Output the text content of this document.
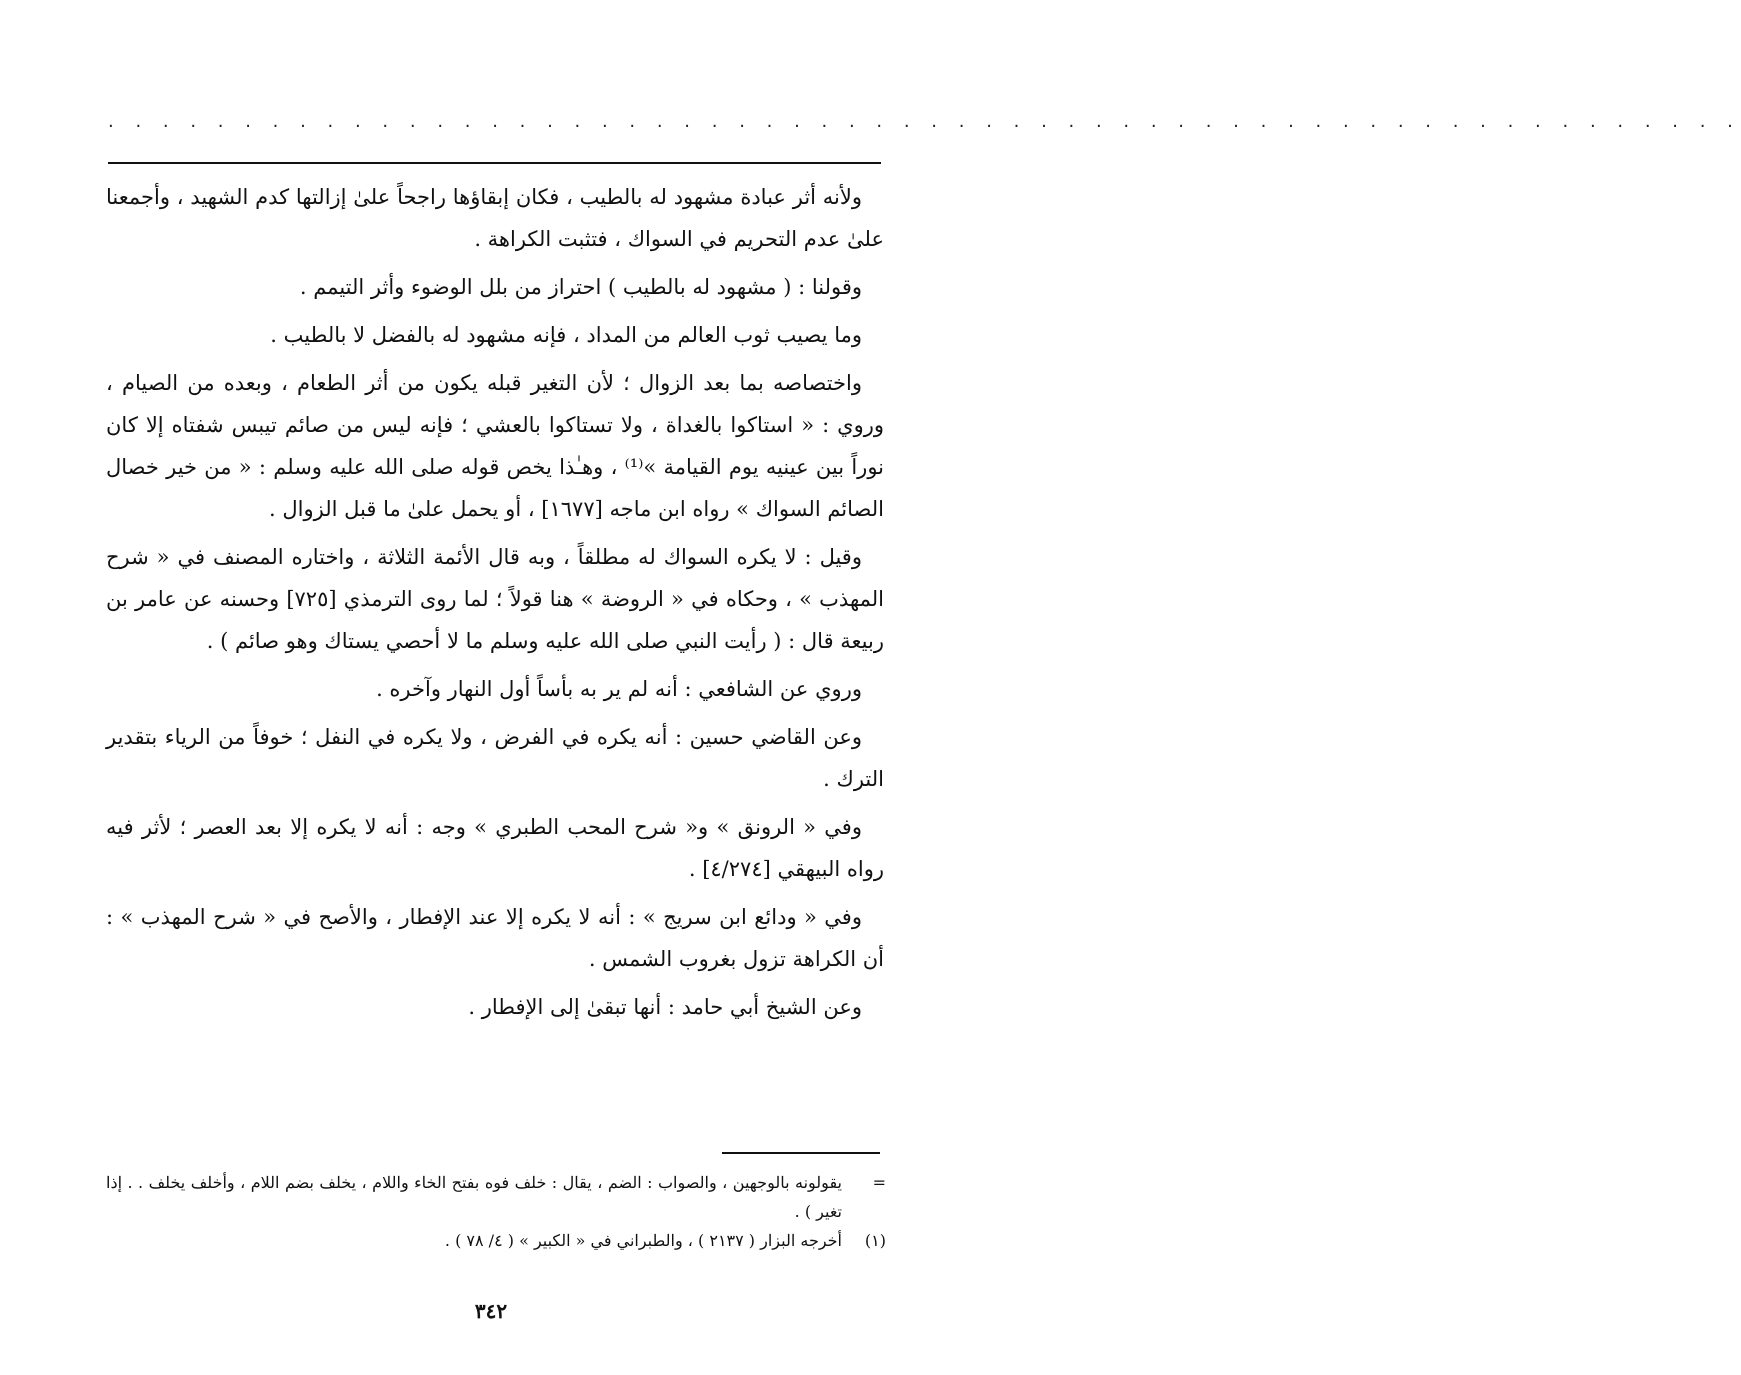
. . . . . . . . . . . . . . . . . . . . . . . . . . . . . . . . . . . . . . . . . . . . . . . . . . . . . . . . . . . .

ولأنه أثر عبادة مشهود له بالطيب ، فكان إبقاؤها راجحاً علىٰ إزالتها كدم الشهيد ، وأجمعنا علىٰ عدم التحريم في السواك ، فتثبت الكراهة .

وقولنا : ( مشهود له بالطيب ) احتراز من بلل الوضوء وأثر التيمم .

وما يصيب ثوب العالم من المداد ، فإنه مشهود له بالفضل لا بالطيب .

واختصاصه بما بعد الزوال ؛ لأن التغير قبله يكون من أثر الطعام ، وبعده من الصيام ، وروي : « استاكوا بالغداة ، ولا تستاكوا بالعشي ؛ فإنه ليس من صائم تيبس شفتاه إلا كان نوراً بين عينيه يوم القيامة »⁽¹⁾ ، وهـٰذا يخص قوله صلى الله عليه وسلم : « من خير خصال الصائم السواك » رواه ابن ماجه [١٦٧٧] ، أو يحمل علىٰ ما قبل الزوال .

وقيل : لا يكره السواك له مطلقاً ، وبه قال الأئمة الثلاثة ، واختاره المصنف في « شرح المهذب » ، وحكاه في « الروضة » هنا قولاً ؛ لما روى الترمذي [٧٢٥] وحسنه عن عامر بن ربيعة قال : ( رأيت النبي صلى الله عليه وسلم ما لا أحصي يستاك وهو صائم ) .

وروي عن الشافعي : أنه لم ير به بأساً أول النهار وآخره .

وعن القاضي حسين : أنه يكره في الفرض ، ولا يكره في النفل ؛ خوفاً من الرياء بتقدير الترك .

وفي « الرونق » و« شرح المحب الطبري » وجه : أنه لا يكره إلا بعد العصر ؛ لأثر فيه رواه البيهقي [٤/٢٧٤] .

وفي « ودائع ابن سريج » : أنه لا يكره إلا عند الإفطار ، والأصح في « شرح المهذب » : أن الكراهة تزول بغروب الشمس .

وعن الشيخ أبي حامد : أنها تبقىٰ إلى الإفطار .

=
يقولونه بالوجهين ، والصواب : الضم ، يقال : خلف فوه بفتح الخاء واللام ، يخلف بضم اللام ، وأخلف يخلف . . إذا تغير ) .
(١)
أخرجه البزار ( ٢١٣٧ ) ، والطبراني في « الكبير » ( ٤/ ٧٨ ) .
٣٤٢
